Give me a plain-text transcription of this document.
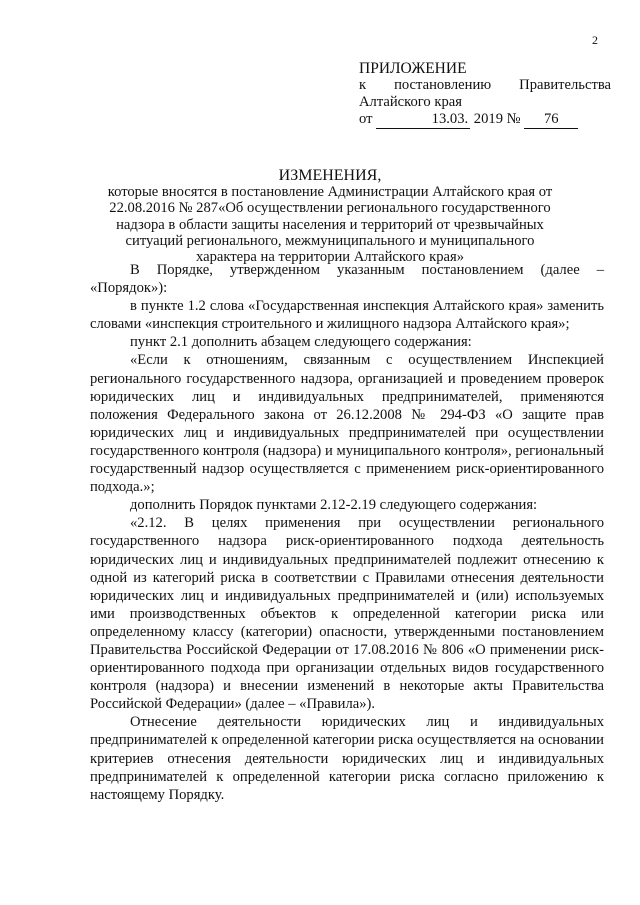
2
ПРИЛОЖЕНИЕ
к постановлению Правительства
Алтайского края
от	13.03. 2019 № 76
ИЗМЕНЕНИЯ,
которые вносятся в постановление Администрации Алтайского края от 22.08.2016 № 287«Об осуществлении регионального государственного надзора в области защиты населения и территорий от чрезвычайных ситуаций регионального, межмуниципального и муниципального характера на территории Алтайского края»

В Порядке, утвержденном указанным постановлением (далее – «Порядок»):

в пункте 1.2 слова «Государственная инспекция Алтайского края» заменить словами «инспекция строительного и жилищного надзора Алтайского края»;

пункт 2.1 дополнить абзацем следующего содержания:

«Если к отношениям, связанным с осуществлением Инспекцией регионального государственного надзора, организацией и проведением проверок юридических лиц и индивидуальных предпринимателей, применяются положения Федерального закона от 26.12.2008 № 294-ФЗ «О защите прав юридических лиц и индивидуальных предпринимателей при осуществлении государственного контроля (надзора) и муниципального контроля», региональный государственный надзор осуществляется с применением риск-ориентированного подхода.»;

дополнить Порядок пунктами 2.12-2.19 следующего содержания:

«2.12. В целях применения при осуществлении регионального государственного надзора риск-ориентированного подхода деятельность юридических лиц и индивидуальных предпринимателей подлежит отнесению к одной из категорий риска в соответствии с Правилами отнесения деятельности юридических лиц и индивидуальных предпринимателей и (или) используемых ими производственных объектов к определенной категории риска или определенному классу (категории) опасности, утвержденными постановлением Правительства Российской Федерации от 17.08.2016 № 806 «О применении риск-ориентированного подхода при организации отдельных видов государственного контроля (надзора) и внесении изменений в некоторые акты Правительства Российской Федерации» (далее – «Правила»).

Отнесение деятельности юридических лиц и индивидуальных предпринимателей к определенной категории риска осуществляется на основании критериев отнесения деятельности юридических лиц и индивидуальных предпринимателей к определенной категории риска согласно приложению к настоящему Порядку.
